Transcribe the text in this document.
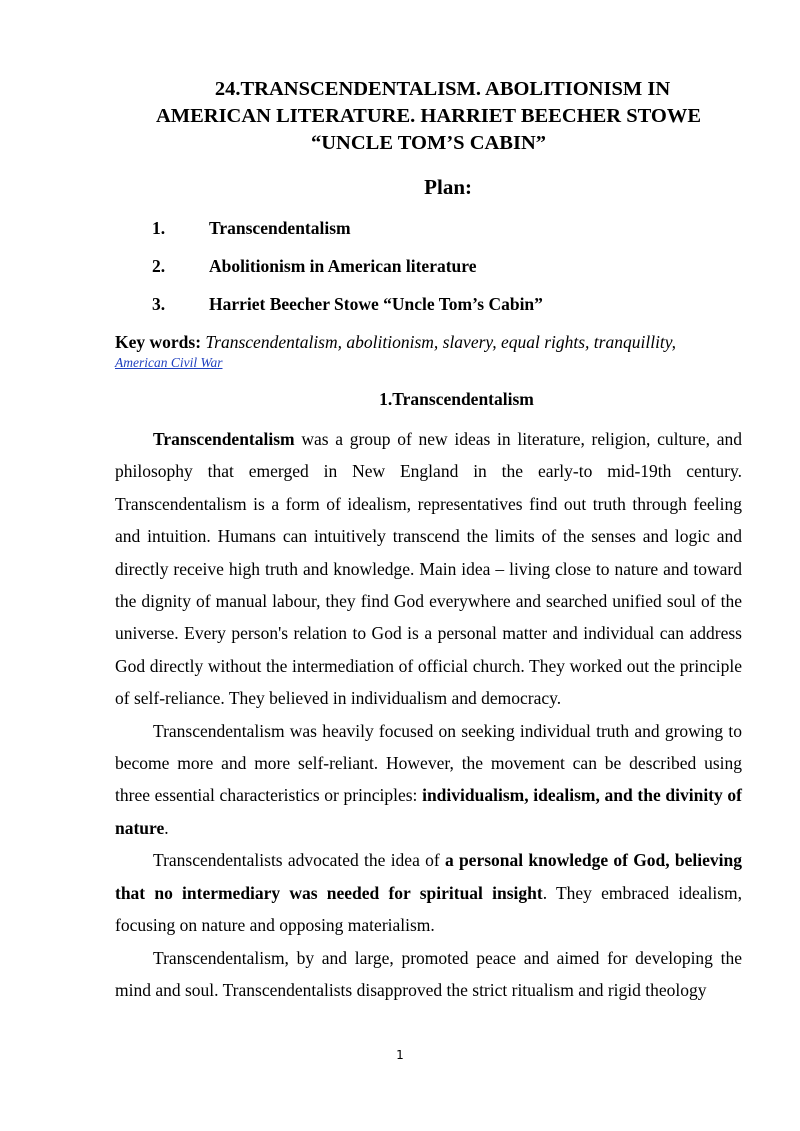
24.TRANSCENDENTALISM. ABOLITIONISM IN
AMERICAN LITERATURE. HARRIET BEECHER STOWE
“UNCLE TOM’S CABIN”
Plan:
1.	Transcendentalism
2.	Abolitionism in American literature
3.	Harriet Beecher Stowe “Uncle Tom’s Cabin”
Key words: Transcendentalism, abolitionism, slavery, equal rights, tranquillity,
American Civil War
1.Transcendentalism

Transcendentalism was a group of new ideas in literature, religion, culture, and philosophy that emerged in New England in the early-to mid-19th century. Transcendentalism is a form of idealism, representatives find out truth through feeling and intuition. Humans can intuitively transcend the limits of the senses and logic and directly receive high truth and knowledge. Main idea – living close to nature and toward the dignity of manual labour, they find God everywhere and searched unified soul of the universe. Every person's relation to God is a personal matter and individual can address God directly without the intermediation of official church. They worked out the principle of self-reliance. They believed in individualism and democracy.

Transcendentalism was heavily focused on seeking individual truth and growing to become more and more self-reliant. However, the movement can be described using three essential characteristics or principles: individualism, idealism, and the divinity of nature.

Transcendentalists advocated the idea of a personal knowledge of God, believing that no intermediary was needed for spiritual insight. They embraced idealism, focusing on nature and opposing materialism.

Transcendentalism, by and large, promoted peace and aimed for developing the mind and soul. Transcendentalists disapproved the strict ritualism and rigid theology

1
